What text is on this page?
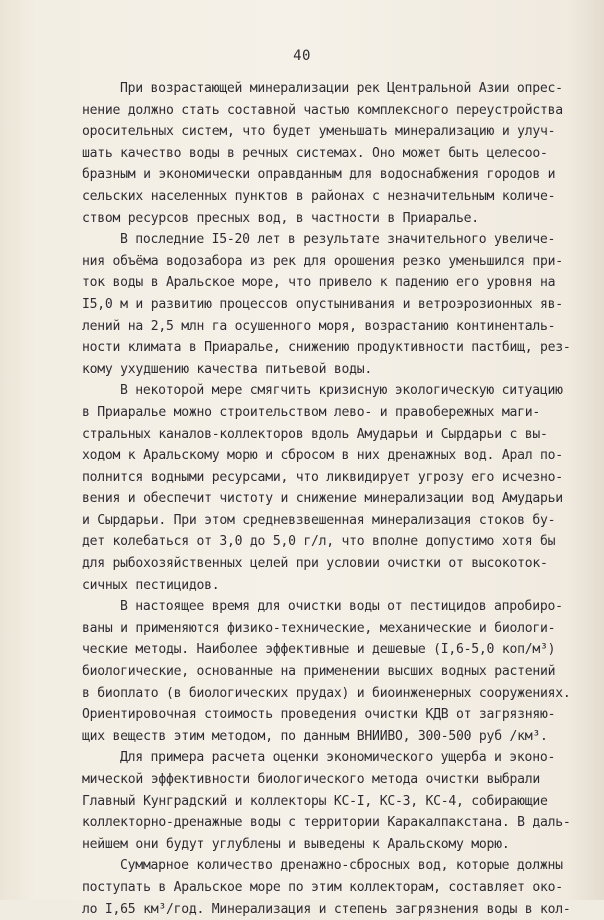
40
При возрастающей минерализации рек Центральной Азии опрес-
нение должно стать составной частью комплексного переустройства
оросительных систем, что будет уменьшать минерализацию и улуч-
шать качество воды в речных системах. Оно может быть целесоо-
бразным и экономически оправданным для водоснабжения городов и
сельских населенных пунктов в районах с незначительным количе-
ством ресурсов пресных вод, в частности в Приаралье.
В последние I5-20 лет в результате значительного увеличе-
ния объёма водозабора из рек для орошения резко уменьшился при-
ток воды в Аральское море, что привело к падению его уровня на
I5,0 м и развитию процессов опустынивания и ветроэрозионных яв-
лений на 2,5 млн га осушенного моря, возрастанию континенталь-
ности климата в Приаралье, снижению продуктивности пастбищ, рез-
кому ухудшению качества питьевой воды.
В некоторой мере смягчить кризисную экологическую ситуацию
в Приаралье можно строительством лево- и правобережных маги-
стральных каналов-коллекторов вдоль Амударьи и Сырдарьи с вы-
ходом к Аральскому морю и сбросом в них дренажных вод. Арал по-
полнится водными ресурсами, что ликвидирует угрозу его исчезно-
вения и обеспечит чистоту и снижение минерализации вод Амударьи
и Сырдарьи. При этом средневзвешенная минерализация стоков бу-
дет колебаться от 3,0 до 5,0 г/л, что вполне допустимо хотя бы
для рыбохозяйственных целей при условии очистки от высокоток-
сичных пестицидов.
В настоящее время для очистки воды от пестицидов апробиро-
ваны и применяются физико-технические, механические и биологи-
ческие методы. Наиболее эффективные и дешевые (I,6-5,0 коп/м³)
биологические, основанные на применении высших водных растений
в биоплато (в биологических прудах) и биоинженерных сооружениях.
Ориентировочная стоимость проведения очистки КДВ от загрязняю-
щих веществ этим методом, по данным ВНИИВО, 300-500 руб /км³.
Для примера расчета оценки экономического ущерба и эконо-
мической эффективности биологического метода очистки выбрали
Главный Кунградский и коллекторы КС-I, КС-3, КС-4, собирающие
коллекторно-дренажные воды с территории Каракалпакстана. В даль-
нейшем они будут углублены и выведены к Аральскому морю.
Суммарное количество дренажно-сбросных вод, которые должны
поступать в Аральское море по этим коллекторам, составляет око-
ло I,65 км³/год. Минерализация и степень загрязнения воды в кол-
